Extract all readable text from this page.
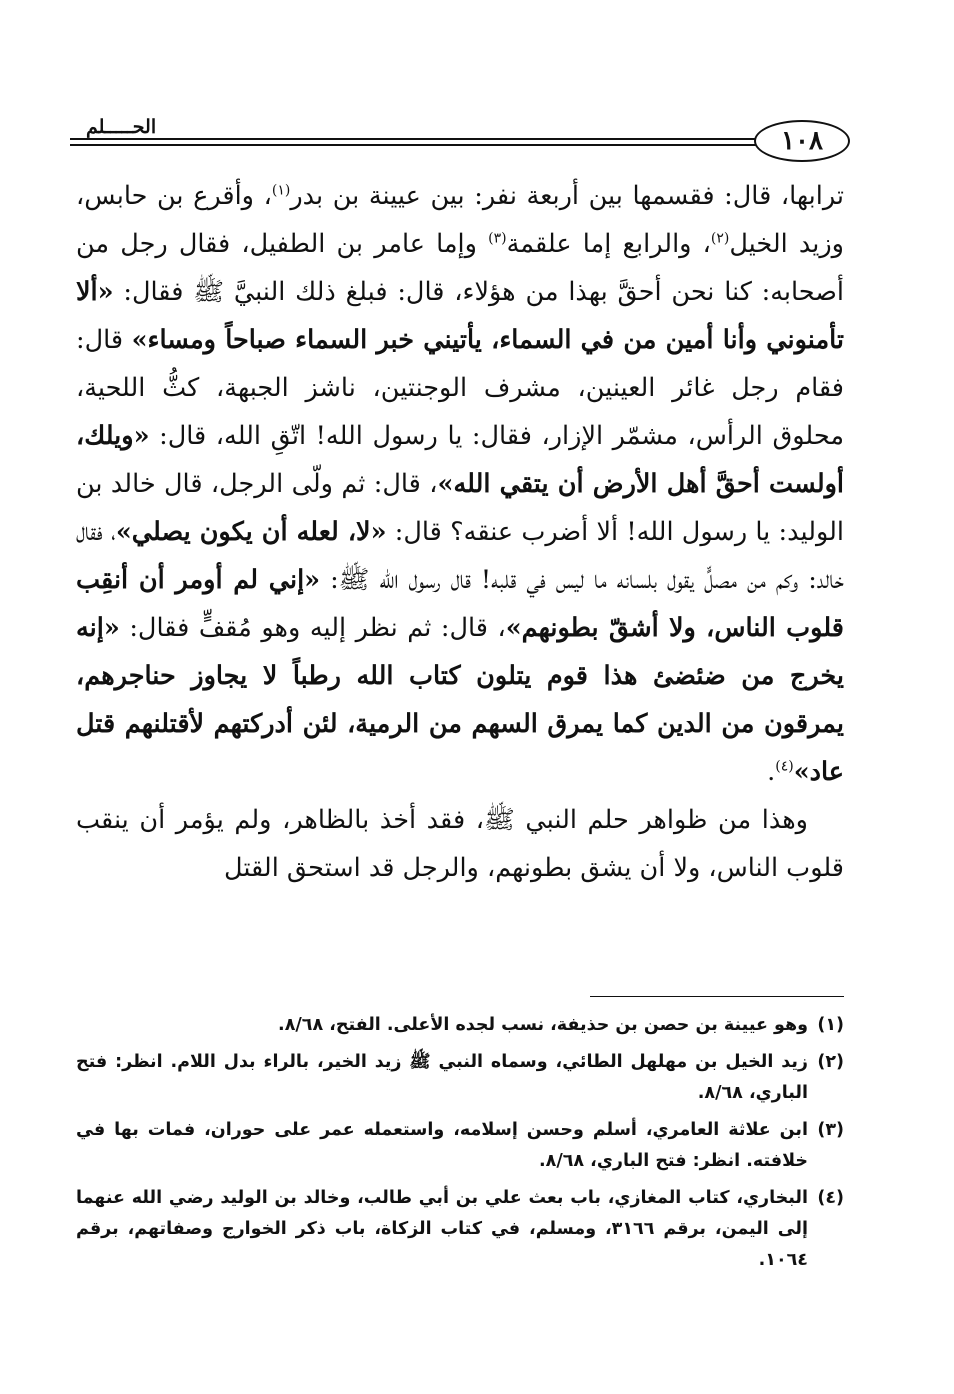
١٠٨
الحـــــلم

ترابها، قال: فقسمها بين أربعة نفر: بين عيينة بن بدر$^{(١)}$، وأقرع بن حابس، وزيد الخيل$^{(٢)}$، والرابع إما علقمة$^{(٣)}$ وإما عامر بن الطفيل، فقال رجل من أصحابه: كنا نحن أحقَّ بهذا من هؤلاء، قال: فبلغ ذلك النبيَّ ﷺ فقال: «ألا تأمنوني وأنا أمين من في السماء، يأتيني خبر السماء صباحاً ومساء» قال: فقام رجل غائر العينين، مشرف الوجنتين، ناشز الجبهة، كثُّ اللحية، محلوق الرأس، مشمّر الإزار، فقال: يا رسول الله! اتّقِ الله، قال: «ويلك، أولست أحقَّ أهل الأرض أن يتقي الله»، قال: ثم ولّى الرجل، قال خالد بن الوليد: يا رسول الله! ألا أضرب عنقه؟ قال: «لا، لعله أن يكون يصلي»، فقال خالد: وكم من مصلٍّ يقول بلسانه ما ليس في قلبه! قال رسول الله ﷺ: «إني لم أومر أن أنقِب قلوب الناس، ولا أشقّ بطونهم»، قال: ثم نظر إليه وهو مُقفٍّ فقال: «إنه يخرج من ضئضئ هذا قوم يتلون كتاب الله رطباً لا يجاوز حناجرهم، يمرقون من الدين كما يمرق السهم من الرمية، لئن أدركتهم لأقتلنهم قتل عاد»$^{(٤)}$.

وهذا من ظواهر حلم النبي ﷺ، فقد أخذ بالظاهر، ولم يؤمر أن ينقب قلوب الناس، ولا أن يشق بطونهم، والرجل قد استحق القتل

(١)
وهو عيينة بن حصن بن حذيفة، نسب لجده الأعلى. الفتح، ٨/٦٨.
(٢)
زيد الخيل بن مهلهل الطائي، وسماه النبي ﷺ زيد الخير، بالراء بدل اللام. انظر: فتح الباري، ٨/٦٨.
(٣)
ابن علاثة العامري، أسلم وحسن إسلامه، واستعمله عمر على حوران، فمات بها في خلافته. انظر: فتح الباري، ٨/٦٨.
(٤)
البخاري، كتاب المغازي، باب بعث علي بن أبي طالب، وخالد بن الوليد رضي الله عنهما إلى اليمن، برقم ٣١٦٦، ومسلم، في كتاب الزكاة، باب ذكر الخوارج وصفاتهم، برقم ١٠٦٤.
